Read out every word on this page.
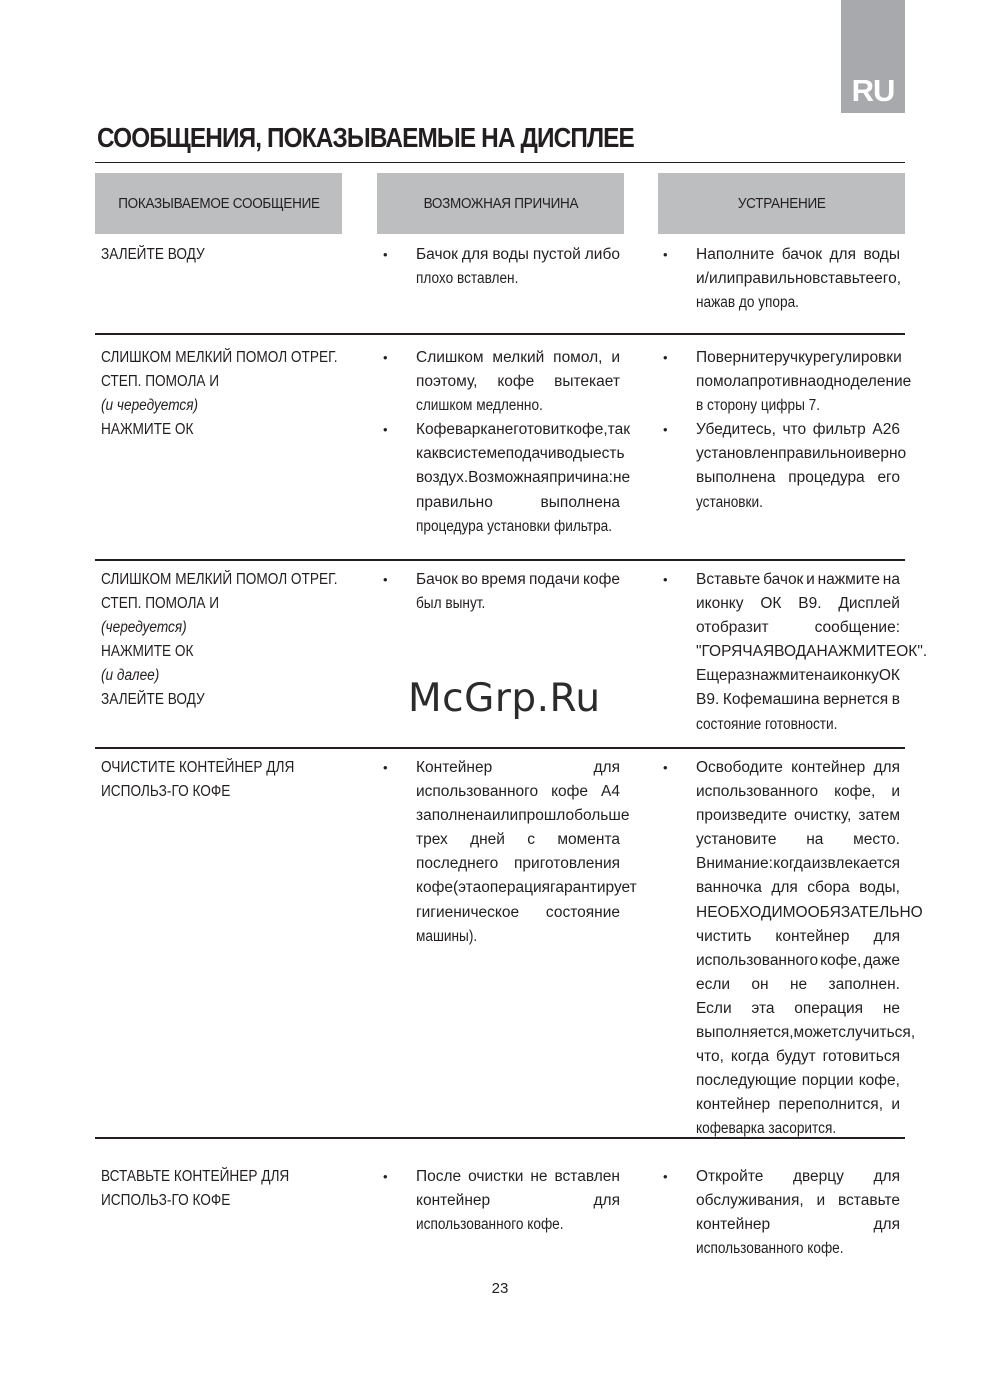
RU
СООБЩЕНИЯ, ПОКАЗЫВАЕМЫЕ НА ДИСПЛЕЕ
ПОКАЗЫВАЕМОЕ СООБЩЕНИЕ	ВОЗМОЖНАЯ ПРИЧИНА	УСТРАНЕНИЕ
ЗАЛЕЙТЕ ВОДУ
•	Бачок для воды пустой либо
плохо вставлен.
• Наполните бачок для воды
и/или правильно вставьте его,
нажав до упора.
СЛИШКОМ МЕЛКИЙ ПОМОЛ ОТРЕГ.
СТЕП. ПОМОЛА И
(и чередуется)
НАЖМИТЕ ОК
• Слишком мелкий помол, и
поэтому, кофе вытекает
слишком медленно.
• Кофеварка не готовит кофе, так
как в системе подачи воды есть
воздух. Возможная причина: не
правильно	выполнена
процедура установки фильтра.
• Поверните ручку регулировки
помола против на одно деление
в сторону цифры 7.
• Убедитесь, что фильтр A26
установлен правильно и верно
выполнена процедура его
установки.
СЛИШКОМ МЕЛКИЙ ПОМОЛ ОТРЕГ.
СТЕП. ПОМОЛА И
(чередуется)
НАЖМИТЕ ОК
(и далее)
ЗАЛЕЙТЕ ВОДУ
• Бачок во время подачи кофе
был вынут.
• Вставьте бачок и нажмите на
иконку ОК B9. Дисплей
отобразит	сообщение:
"ГОРЯЧАЯ ВОДА НАЖМИТЕ ОК".
Еще раз нажмите на иконку ОК
B9. Кофемашина вернется в
состояние готовности.
ОЧИСТИТЕ КОНТЕЙНЕР ДЛЯ
ИСПОЛЬЗ-ГО КОФЕ
• Контейнер	для
использованного кофе A4
заполнена или прошло больше
трех дней с момента
последнего приготовления
кофе (эта операция гарантирует
гигиеническое состояние
машины).
• Освободите контейнер для
использованного кофе, и
произведите очистку, затем
установите на место.
Внимание: когда извлекается
ванночка для сбора воды,
НЕОБХОДИМО ОБЯЗАТЕЛЬНО
чистить контейнер для
использованного кофе, даже
если он не заполнен.
Если эта операция не
выполняется, может случиться,
что, когда будут готовиться
последующие порции кофе,
контейнер переполнится, и
кофеварка засорится.
ВСТАВЬТЕ КОНТЕЙНЕР ДЛЯ
ИСПОЛЬЗ-ГО КОФЕ
• После очистки не вставлен
контейнер	для
использованного кофе.
• Откройте дверцу для
обслуживания, и вставьте
контейнер	для
использованного кофе.
McGrp.Ru
23
